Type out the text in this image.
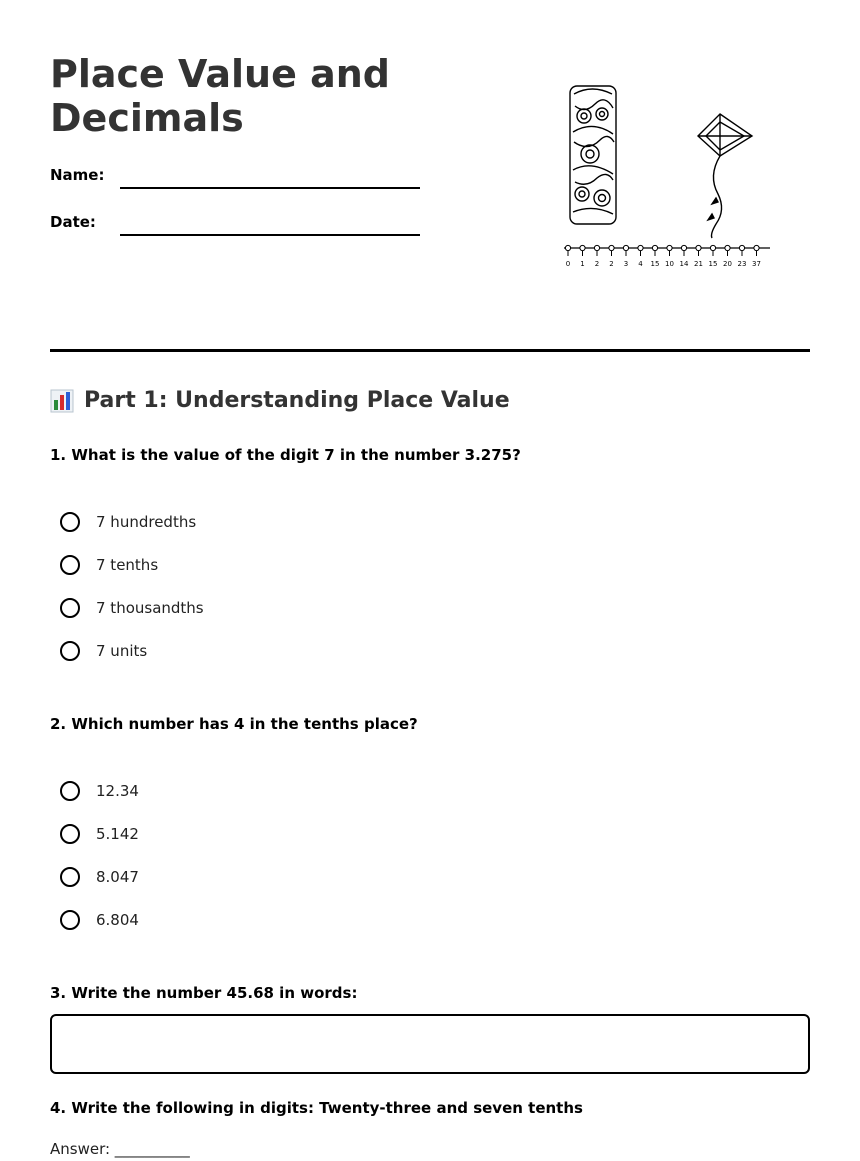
Place Value and
Decimals
Name:
Date:
0 1 2 2 3 4 15 10 14 21 15 20 23 37
Part 1: Understanding Place Value
1. What is the value of the digit 7 in the number 3.275?
7 hundredths
7 tenths
7 thousandths
7 units
2. Which number has 4 in the tenths place?
12.34
5.142
8.047
6.804
3. Write the number 45.68 in words:
4. Write the following in digits: Twenty-three and seven tenths
Answer: __________
